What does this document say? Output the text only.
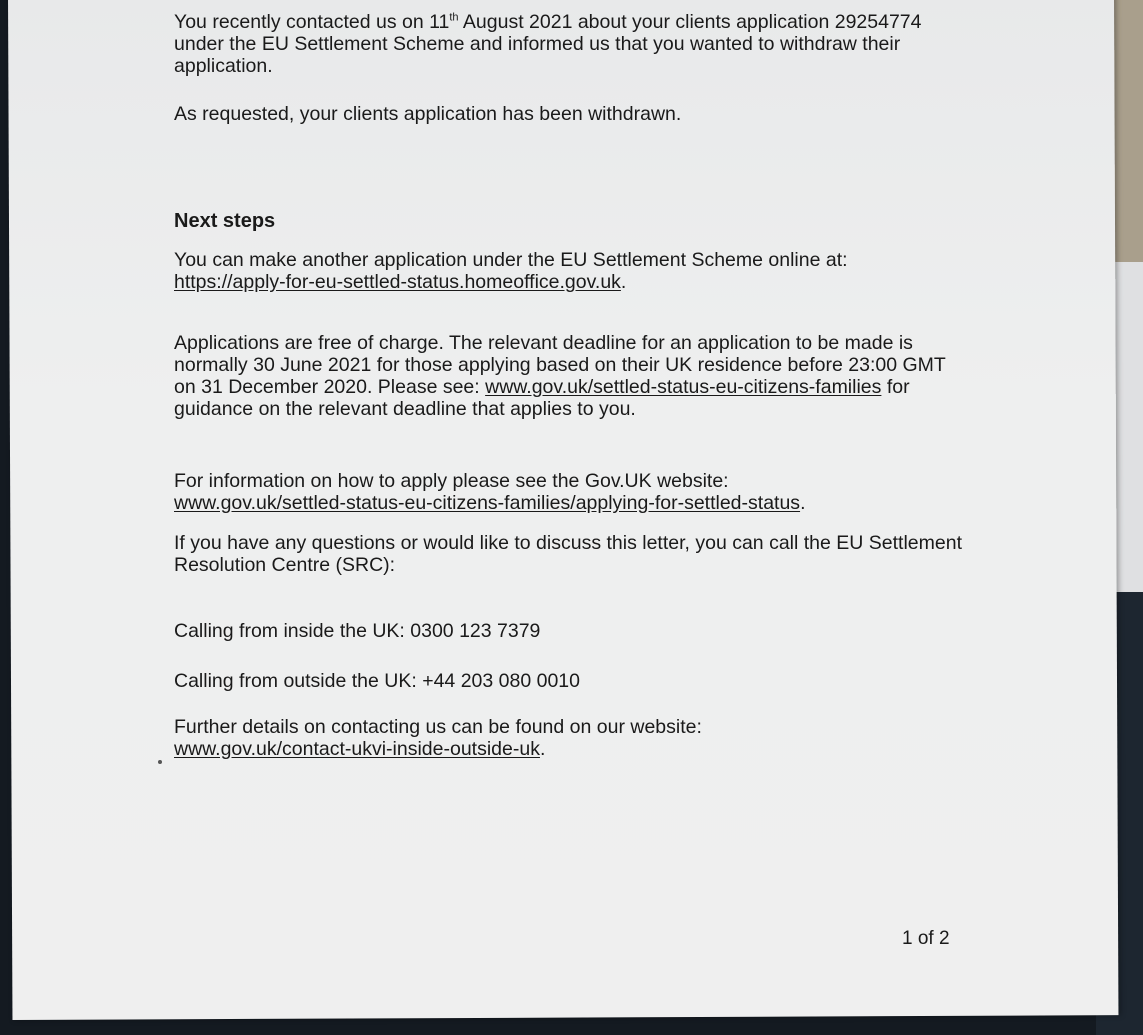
You recently contacted us on 11th August 2021 about your clients application 29254774 under the EU Settlement Scheme and informed us that you wanted to withdraw their application.

As requested, your clients application has been withdrawn.

Next steps

You can make another application under the EU Settlement Scheme online at:
https://apply-for-eu-settled-status.homeoffice.gov.uk.

Applications are free of charge. The relevant deadline for an application to be made is normally 30 June 2021 for those applying based on their UK residence before 23:00 GMT on 31 December 2020. Please see: www.gov.uk/settled-status-eu-citizens-families for guidance on the relevant deadline that applies to you.

For information on how to apply please see the Gov.UK website:
www.gov.uk/settled-status-eu-citizens-families/applying-for-settled-status.

If you have any questions or would like to discuss this letter, you can call the EU Settlement Resolution Centre (SRC):

Calling from inside the UK: 0300 123 7379

Calling from outside the UK: +44 203 080 0010

Further details on contacting us can be found on our website:
www.gov.uk/contact-ukvi-inside-outside-uk.

1 of 2
